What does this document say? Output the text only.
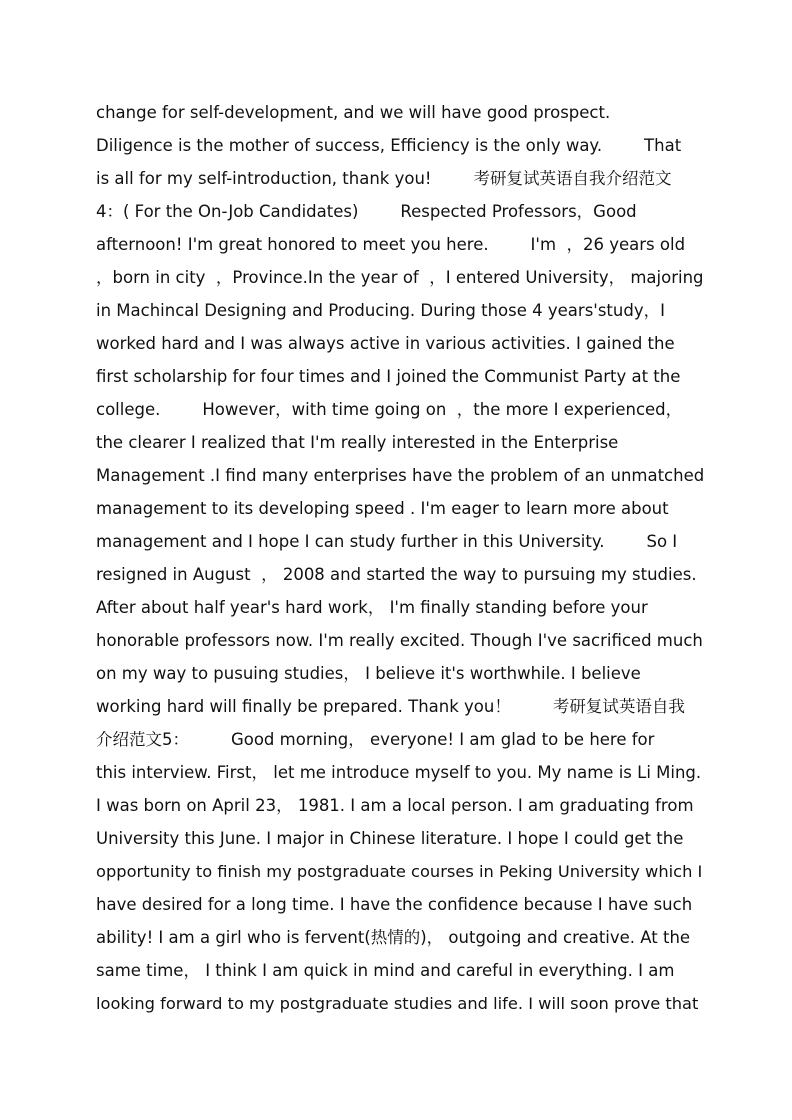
change for self-development, and we will have good prospect.
Diligence is the mother of success, Efficiency is the only way.        That
is all for my self-introduction, thank you!        考研复试英语自我介绍范文
4：( For the On-Job Candidates)        Respected Professors，Good
afternoon! I'm great honored to meet you here.        I'm  ，26 years old
，born in city  ，Province.In the year of  ，I entered University， majoring
in Machincal Designing and Producing. During those 4 years'study，I
worked hard and I was always active in various activities. I gained the
first scholarship for four times and I joined the Communist Party at the
college.        However，with time going on  ，the more I experienced，
the clearer I realized that I'm really interested in the Enterprise
Management .I find many enterprises have the problem of an unmatched
management to its developing speed . I'm eager to learn more about
management and I hope I can study further in this University.        So I
resigned in August  ， 2008 and started the way to pursuing my studies.
After about half year's hard work， I'm finally standing before your
honorable professors now. I'm really excited. Though I've sacrificed much
on my way to pusuing studies， I believe it's worthwhile. I believe
working hard will finally be prepared. Thank you！        考研复试英语自我
介绍范文5：        Good morning， everyone! I am glad to be here for
this interview. First， let me introduce myself to you. My name is Li Ming.
I was born on April 23， 1981. I am a local person. I am graduating from
University this June. I major in Chinese literature. I hope I could get the
opportunity to finish my postgraduate courses in Peking University which I
have desired for a long time. I have the confidence because I have such
ability! I am a girl who is fervent(热情的)， outgoing and creative. At the
same time， I think I am quick in mind and careful in everything. I am
looking forward to my postgraduate studies and life. I will soon prove that
